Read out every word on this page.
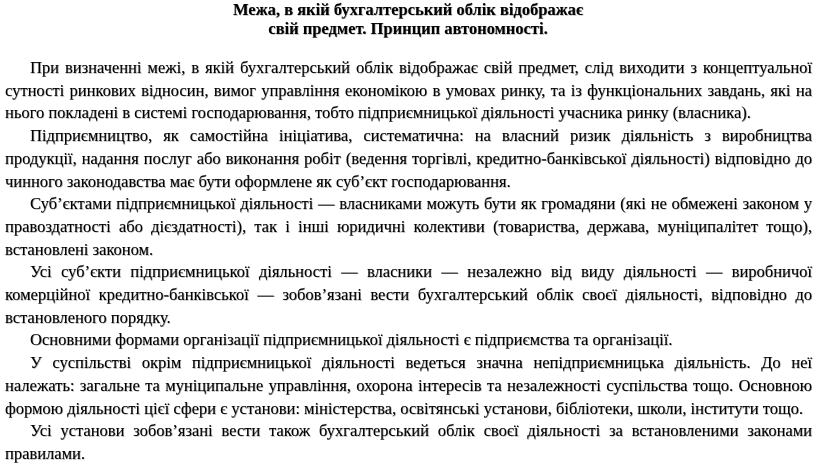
Межа, в якій бухгалтерський облік відображає
свій предмет. Принцип автономності.

При визначенні межі, в якій бухгалтерський облік відображає свій предмет, слід виходити з концептуальної сутності ринкових відносин, вимог управління економікою в умовах ринку, та із функціональних завдань, які на нього покладені в системі господарювання, тобто підприємницької діяльності учасника ринку (власника).

Підприємництво, як самостійна ініціатива, систематична: на власний ризик діяльність з виробництва продукції, надання послуг або виконання робіт (ведення торгівлі, кредитно-банківської діяльності) відповідно до чинного законодавства має бути оформлене як суб’єкт господарювання.

Суб’єктами підприємницької діяльності — власниками можуть бути як громадяни (які не обмежені законом у правоздатності або дієздатності), так і інші юридичні колективи (товариства, держава, муніципалітет тощо), встановлені законом.

Усі суб’єкти підприємницької діяльності — власники — незалежно від виду діяльності — виробничої комерційної кредитно-банківської — зобов’язані вести бухгалтерський облік своєї діяльності, відповідно до встановленого порядку.

Основними формами організації підприємницької діяльності є підприємства та організації.

У суспільстві окрім підприємницької діяльності ведеться значна непідприємницька діяльність. До неї належать: загальне та муніципальне управління, охорона інтересів та незалежності суспільства тощо. Основною формою діяльності цієї сфери є установи: міністерства, освітянські установи, бібліотеки, школи, інститути тощо.

Усі установи зобов’язані вести також бухгалтерський облік своєї діяльності за встановленими законами правилами.
